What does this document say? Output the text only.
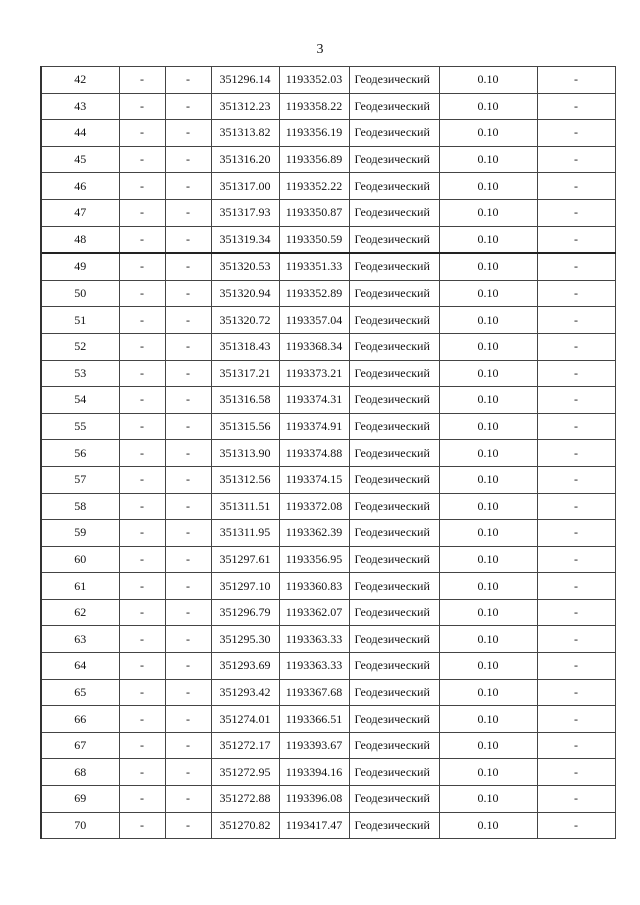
3
42	-	-	351296.14	1193352.03	Геодезический	0.10	-
43	-	-	351312.23	1193358.22	Геодезический	0.10	-
44	-	-	351313.82	1193356.19	Геодезический	0.10	-
45	-	-	351316.20	1193356.89	Геодезический	0.10	-
46	-	-	351317.00	1193352.22	Геодезический	0.10	-
47	-	-	351317.93	1193350.87	Геодезический	0.10	-
48	-	-	351319.34	1193350.59	Геодезический	0.10	-
49	-	-	351320.53	1193351.33	Геодезический	0.10	-
50	-	-	351320.94	1193352.89	Геодезический	0.10	-
51	-	-	351320.72	1193357.04	Геодезический	0.10	-
52	-	-	351318.43	1193368.34	Геодезический	0.10	-
53	-	-	351317.21	1193373.21	Геодезический	0.10	-
54	-	-	351316.58	1193374.31	Геодезический	0.10	-
55	-	-	351315.56	1193374.91	Геодезический	0.10	-
56	-	-	351313.90	1193374.88	Геодезический	0.10	-
57	-	-	351312.56	1193374.15	Геодезический	0.10	-
58	-	-	351311.51	1193372.08	Геодезический	0.10	-
59	-	-	351311.95	1193362.39	Геодезический	0.10	-
60	-	-	351297.61	1193356.95	Геодезический	0.10	-
61	-	-	351297.10	1193360.83	Геодезический	0.10	-
62	-	-	351296.79	1193362.07	Геодезический	0.10	-
63	-	-	351295.30	1193363.33	Геодезический	0.10	-
64	-	-	351293.69	1193363.33	Геодезический	0.10	-
65	-	-	351293.42	1193367.68	Геодезический	0.10	-
66	-	-	351274.01	1193366.51	Геодезический	0.10	-
67	-	-	351272.17	1193393.67	Геодезический	0.10	-
68	-	-	351272.95	1193394.16	Геодезический	0.10	-
69	-	-	351272.88	1193396.08	Геодезический	0.10	-
70	-	-	351270.82	1193417.47	Геодезический	0.10	-
